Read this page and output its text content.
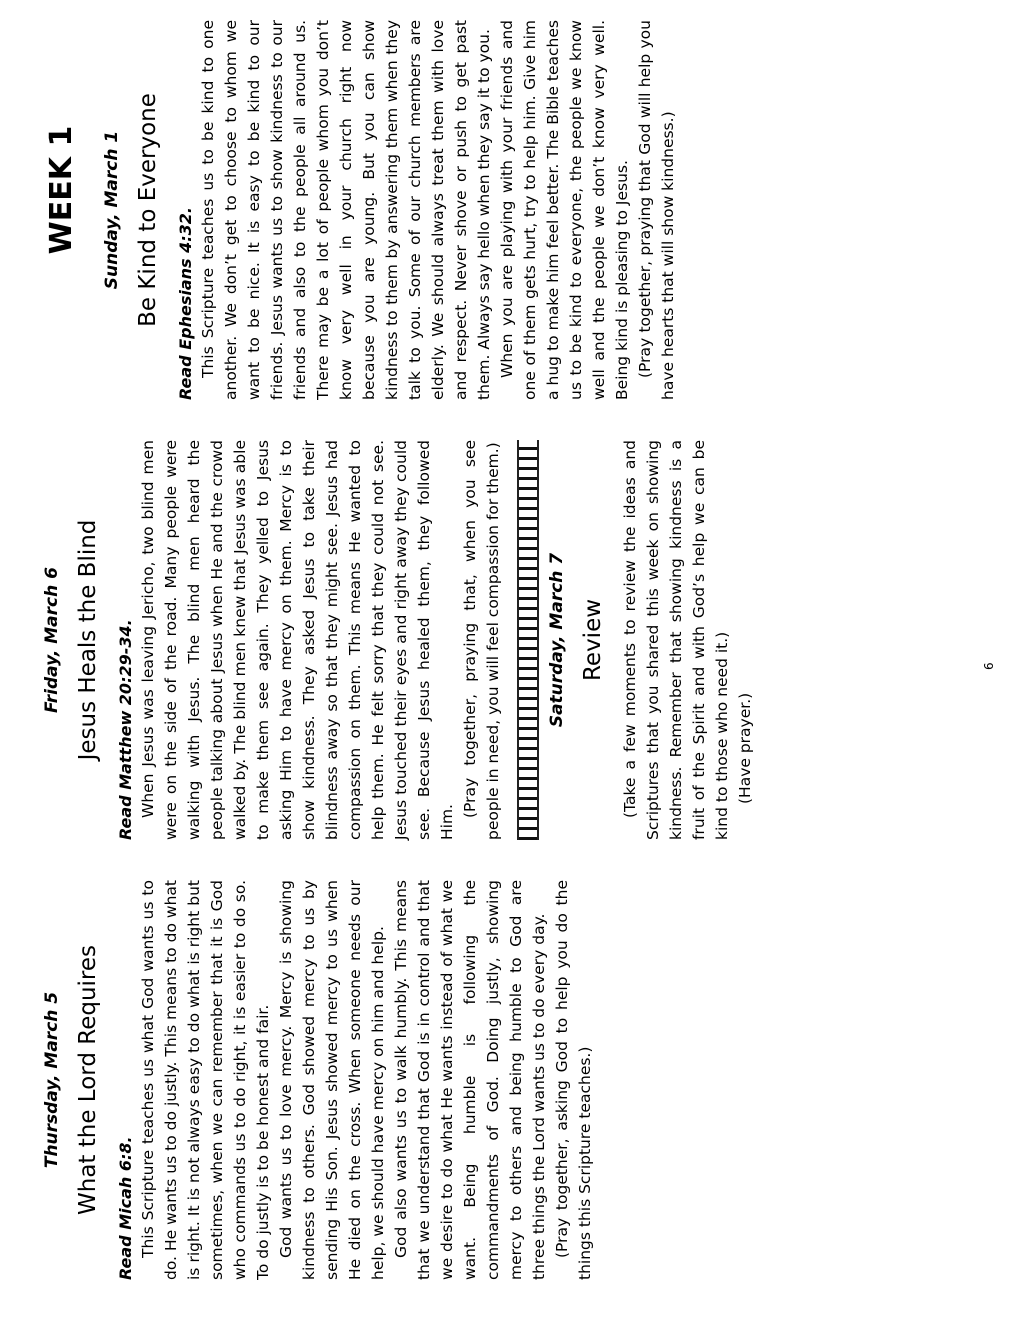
Thursday, March 5 What the Lord Requires Read Micah 6:8. This Scripture teaches us what God wants us to do. He wants us to do justly. This means to do what is right. It is not always easy to do what is right but sometimes, when we can remember that it is God who commands us to do right, it is easier to do so. To do justly is to be honest and fair. God wants us to love mercy. Mercy is showing kindness to others. God showed mercy to us by sending His Son. Jesus showed mercy to us when He died on the cross. When someone needs our help, we should have mercy on him and help. God also wants us to walk humbly. This means that we understand that God is in control and that we desire to do what He wants instead of what we want. Being humble is following the commandments of God. Doing justly, showing mercy to others and being humble to God are three things the Lord wants us to do every day. (Pray together, asking God to help you do the things this Scripture teaches.)

Friday, March 6 Jesus Heals the Blind Read Matthew 20:29-34. When Jesus was leaving Jericho, two blind men were on the side of the road. Many people were walking with Jesus. The blind men heard the people talking about Jesus when He and the crowd walked by. The blind men knew that Jesus was able to make them see again. They yelled to Jesus asking Him to have mercy on them. Mercy is to show kindness. They asked Jesus to take their blindness away so that they might see. Jesus had compassion on them. This means He wanted to help them. He felt sorry that they could not see. Jesus touched their eyes and right away they could see. Because Jesus healed them, they followed Him.

(Pray together, praying that, when you see people in need, you will feel compassion for them.)	Saturday, March 7 Review (Take a few moments to review the ideas and Scriptures that you shared this week on showing kindness. Remember that showing kindness is a fruit of the Spirit and with God’s help we can be kind to those who need it.) (Have prayer.)

WEEK 1 Sunday, March 1 Be Kind to Everyone Read Ephesians 4:32. This Scripture teaches us to be kind to one another. We don’t get to choose to whom we want to be nice. It is easy to be kind to our friends. Jesus wants us to show kindness to our friends and also to the people all around us. There may be a lot of people whom you don’t know very well in your church right now because you are young. But you can show kindness to them by answering them when they talk to you. Some of our church members are elderly. We should always treat them with love and respect. Never shove or push to get past them. Always say hello when they say it to you. When you are playing with your friends and one of them gets hurt, try to help him. Give him a hug to make him feel better. The Bible teaches us to be kind to everyone, the people we know well and the people we don’t know very well. Being kind is pleasing to Jesus. (Pray together, praying that God will help you have hearts that will show kindness.)

6
